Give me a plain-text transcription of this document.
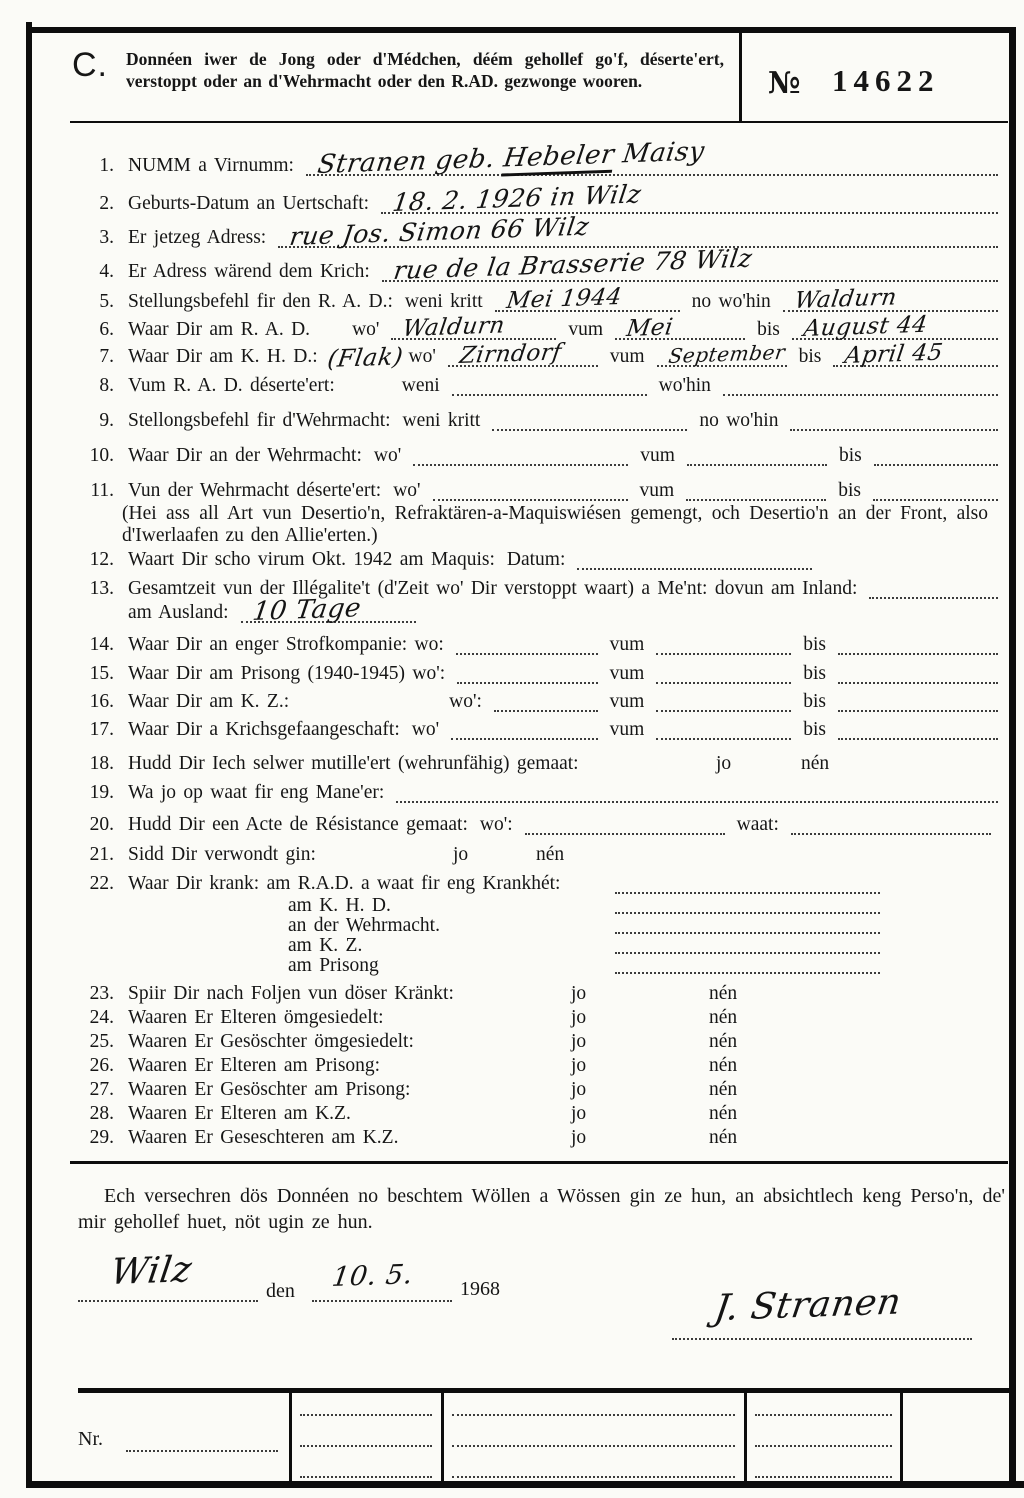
C. Donnéen iwer de Jong oder d'Médchen, déém gehollef go'f, déserte'ert, verstoppt oder an d'Wehrmacht oder den R.AD. gezwonge wooren.	№ 14622
1. NUMM a Virnumm: Stranen geb. Hebeler Maisy
2. Geburts-Datum an Uertschaft: 18. 2. 1926 in Wilz
3. Er jetzeg Adress: rue Jos. Simon 66 Wilz
4. Er Adress wärend dem Krich: rue de la Brasserie 78 Wilz
5. Stellungsbefehl fir den R. A. D.: weni kritt Mei 1944	no wo'hin Waldurn
6. Waar Dir am R. A. D. wo' Waldurn	vum Mei	bis August 44
7. Waar Dir am K. H. D.: (Flak) wo' Zirndorf vum September bis April 45
8. Vum R. A. D. déserte'ert:	weni	wo'hin
9. Stellongsbefehl fir d'Wehrmacht: weni kritt	no wo'hin
10. Waar Dir an der Wehrmacht: wo'	vum	bis
11. Vun der Wehrmacht déserte'ert: wo'	vum	bis
(Hei ass all Art vun Desertio'n, Refraktären-a-Maquiswiésen gemengt, och Desertio'n an der Front, also d'Iwerlaafen zu den Allie'erten.)
12. Waart Dir scho virum Okt. 1942 am Maquis: Datum:
13. Gesamtzeit vun der Illégalite't (d'Zeit wo' Dir verstoppt waart) a Me'nt: dovun am Inland:
am Ausland: 10 Tage
14. Waar Dir an enger Strofkompanie: wo:	vum	bis
15. Waar Dir am Prisong (1940-1945) wo':	vum	bis
16. Waar Dir am K. Z.:	wo':	vum	bis
17. Waar Dir a Krichsgefaangeschaft: wo'	vum	bis
18. Hudd Dir Iech selwer mutille'ert (wehrunfähig) gemaat:	jo	nén
19. Wa jo op waat fir eng Mane'er:
20. Hudd Dir een Acte de Résistance gemaat: wo':	waat:
21. Sidd Dir verwondt gin:	jo	nén
22. Waar Dir krank: am R.A.D. a waat fir eng Krankhét:
am K. H. D.
an der Wehrmacht.
am K. Z.
am Prisong
23. Spiir Dir nach Foljen vun döser Kränkt:	jo	nén
24. Waaren Er Elteren ömgesiedelt:	jo	nén
25. Waaren Er Gesöschter ömgesiedelt:	jo	nén
26. Waaren Er Elteren am Prisong:	jo	nén
27. Waaren Er Gesöschter am Prisong:	jo	nén
28. Waaren Er Elteren am K.Z.	jo	nén
29. Waaren Er Geseschteren am K.Z.	jo	nén
Ech versechren dös Donnéen no beschtem Wöllen a Wössen gin ze hun, an absichtlech keng Perso'n, de' mir gehollef huet, nöt ugin ze hun.
Wilz	den 10. 5. 1968	J. Stranen
Nr.
